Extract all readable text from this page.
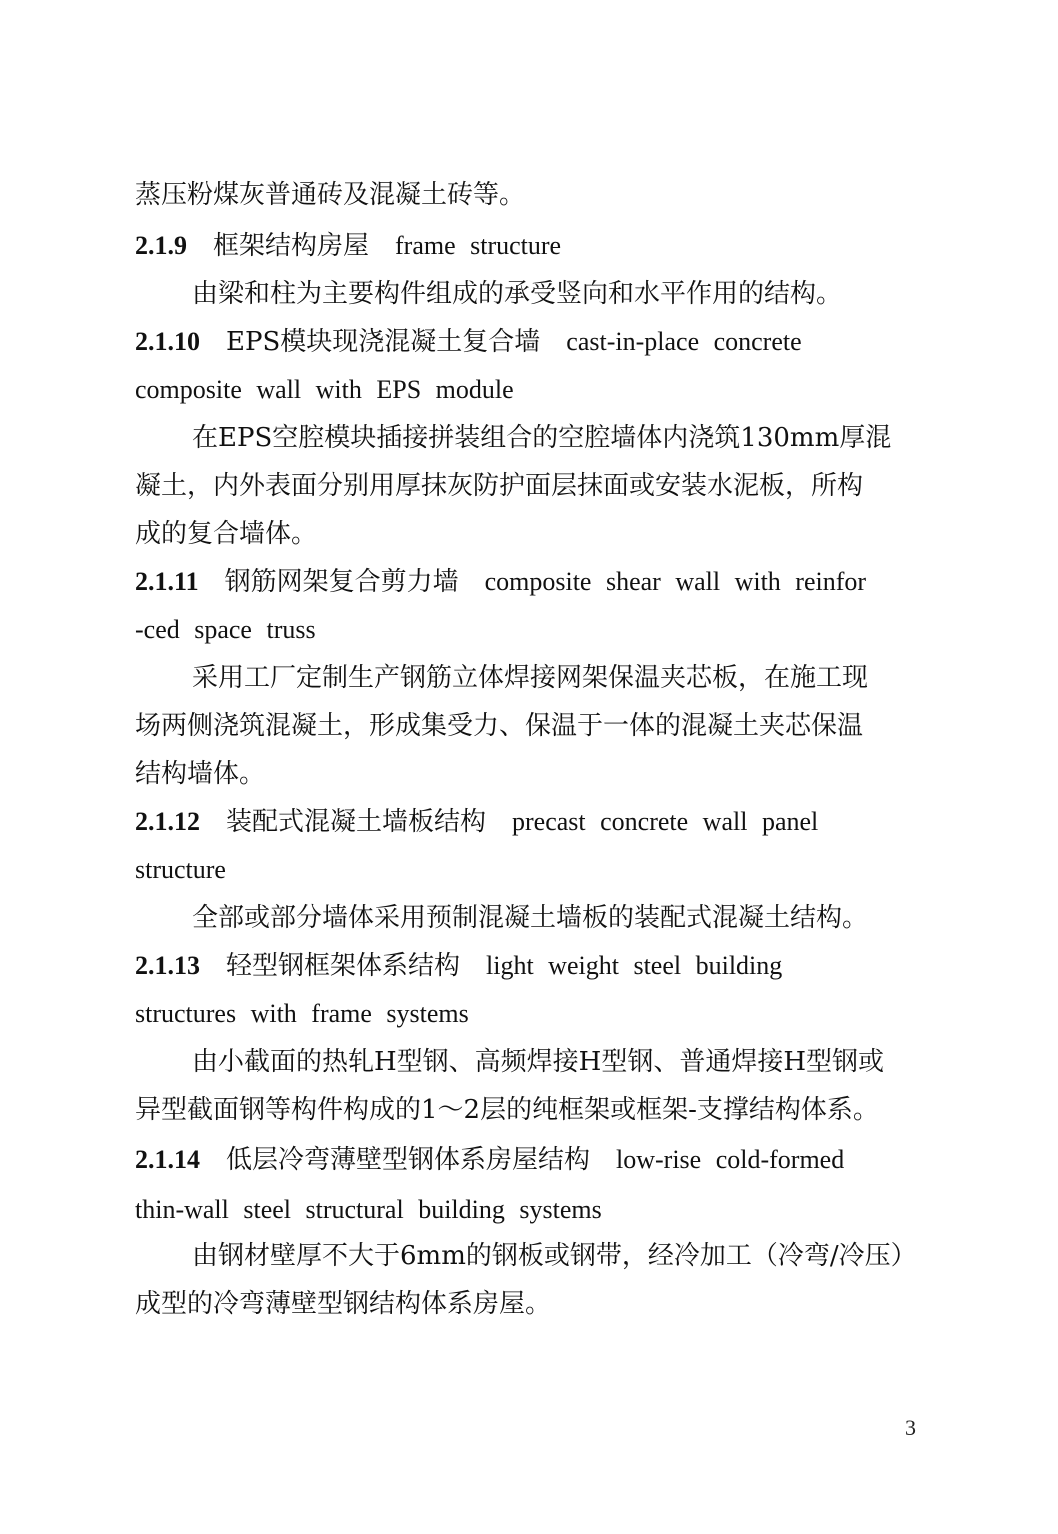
蒸压粉煤灰普通砖及混凝土砖等。
2.1.9 框架结构房屋 frame structure
由梁和柱为主要构件组成的承受竖向和水平作用的结构。
2.1.10 EPS模块现浇混凝土复合墙 cast-in-place concrete
composite wall with EPS module
在EPS空腔模块插接拼装组合的空腔墙体内浇筑130mm厚混
凝土，内外表面分别用厚抹灰防护面层抹面或安装水泥板，所构
成的复合墙体。
2.1.11 钢筋网架复合剪力墙 composite shear wall with reinfor
-ced space truss
采用工厂定制生产钢筋立体焊接网架保温夹芯板，在施工现
场两侧浇筑混凝土，形成集受力、保温于一体的混凝土夹芯保温
结构墙体。
2.1.12 装配式混凝土墙板结构 precast concrete wall panel
structure
全部或部分墙体采用预制混凝土墙板的装配式混凝土结构。
2.1.13 轻型钢框架体系结构 light weight steel building
structures with frame systems
由小截面的热轧H型钢、高频焊接H型钢、普通焊接H型钢或
异型截面钢等构件构成的1～2层的纯框架或框架-支撑结构体系。
2.1.14 低层冷弯薄壁型钢体系房屋结构 low-rise cold-formed
thin-wall steel structural building systems
由钢材壁厚不大于6mm的钢板或钢带，经冷加工（冷弯/冷压）
成型的冷弯薄壁型钢结构体系房屋。
3
